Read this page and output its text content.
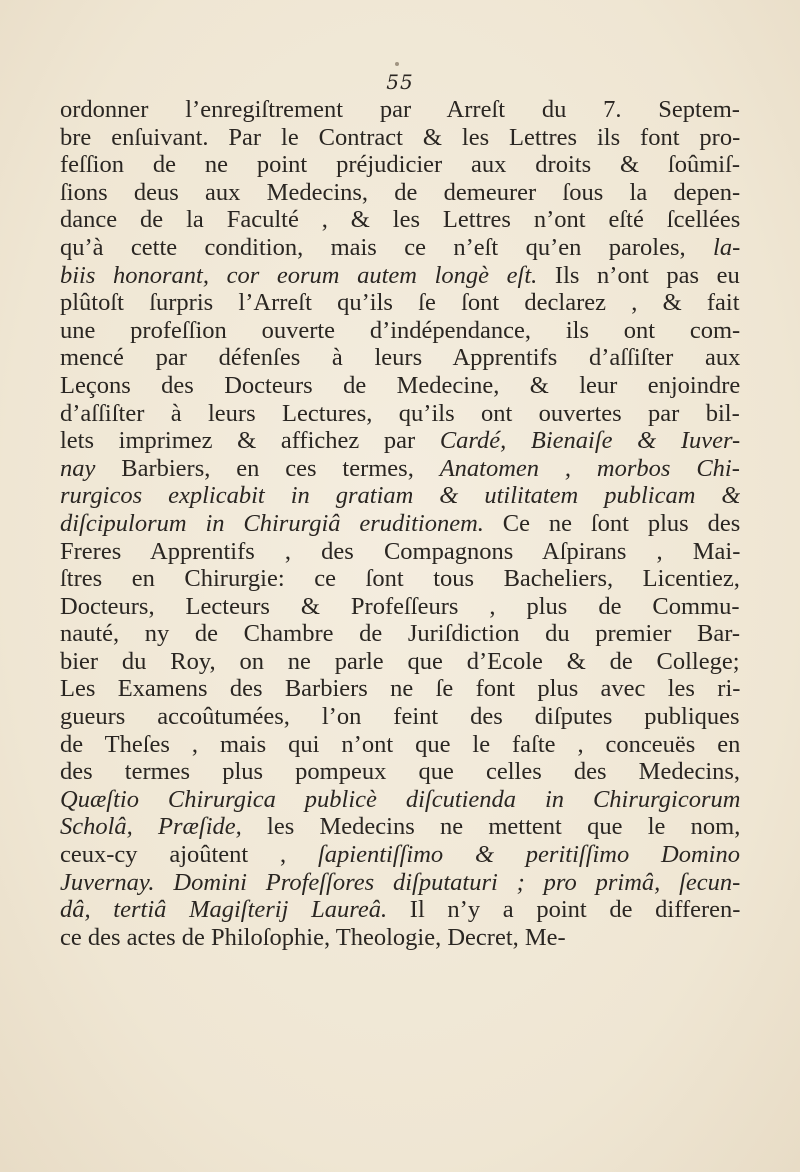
55
ordonner l’enregiſtrement par Arreſt du 7. Septem-
bre enſuivant. Par le Contract & les Lettres ils font pro-
feſſion de ne point préjudicier aux droits & ſoûmiſ-
ſions deus aux Medecins, de demeurer ſous la depen-
dance de la Faculté , & les Lettres n’ont eſté ſcellées
qu’à cette condition, mais ce n’eſt qu’en paroles, la-
biis honorant, cor eorum autem longè eſt. Ils n’ont pas eu
plûtoſt ſurpris l’Arreſt qu’ils ſe ſont declarez , & fait
une profeſſion ouverte d’indépendance, ils ont com-
mencé par défenſes à leurs Apprentifs d’aſſiſter aux
Leçons des Docteurs de Medecine, & leur enjoindre
d’aſſiſter à leurs Lectures, qu’ils ont ouvertes par bil-
lets imprimez & affichez par Cardé, Bienaiſe & Iuver-
nay Barbiers, en ces termes, Anatomen , morbos Chi-
rurgicos explicabit in gratiam & utilitatem publicam &
diſcipulorum in Chirurgiâ eruditionem. Ce ne ſont plus des
Freres Apprentifs , des Compagnons Aſpirans , Mai-
ſtres en Chirurgie: ce ſont tous Bacheliers, Licentiez,
Docteurs, Lecteurs & Profeſſeurs , plus de Commu-
nauté, ny de Chambre de Juriſdiction du premier Bar-
bier du Roy, on ne parle que d’Ecole & de College;
Les Examens des Barbiers ne ſe font plus avec les ri-
gueurs accoûtumées, l’on feint des diſputes publiques
de Theſes , mais qui n’ont que le faſte , conceuës en
des termes plus pompeux que celles des Medecins,
Quæſtio Chirurgica publicè diſcutienda in Chirurgicorum
Scholâ, Præſide, les Medecins ne mettent que le nom,
ceux-cy ajoûtent , ſapientiſſimo & peritiſſimo Domino
Juvernay. Domini Profeſſores diſputaturi ; pro primâ, ſecun-
dâ, tertiâ Magiſterij Laureâ. Il n’y a point de differen-
ce des actes de Philoſophie, Theologie, Decret, Me-
